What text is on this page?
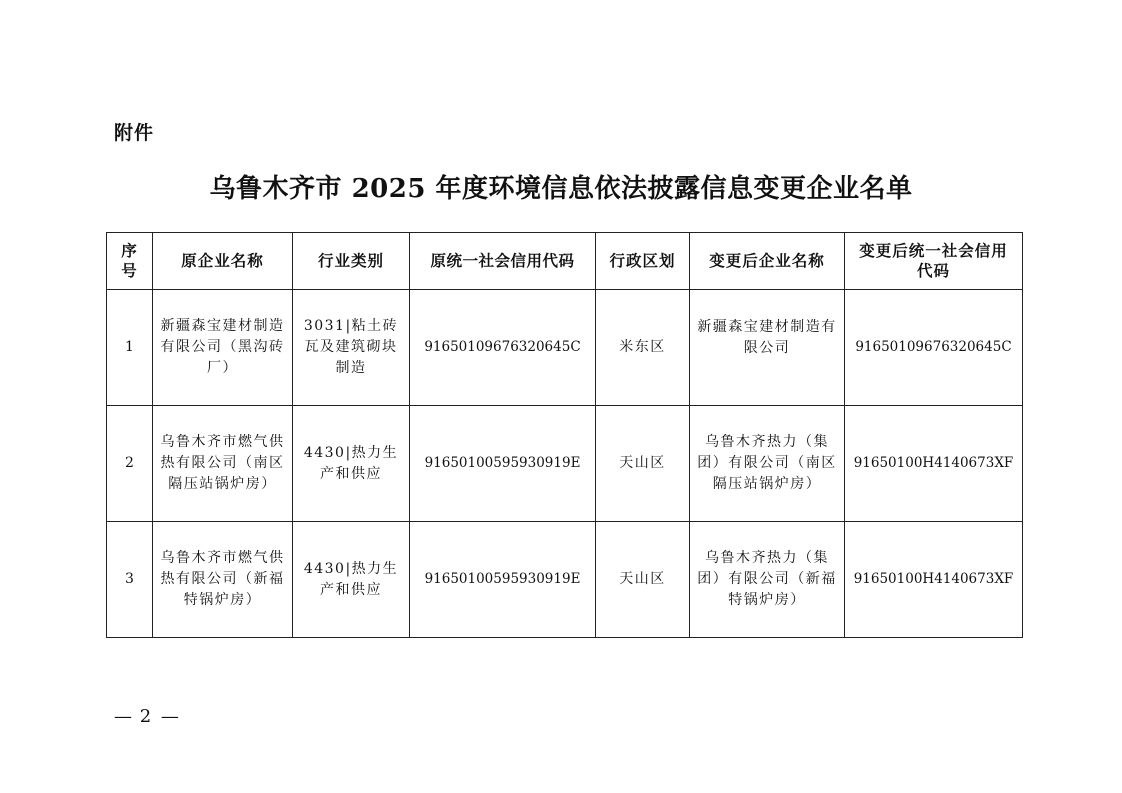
附件
乌鲁木齐市 2025 年度环境信息依法披露信息变更企业名单
序号	原企业名称	行业类别	原统一社会信用代码	行政区划	变更后企业名称	变更后统一社会信用代码
1	新疆森宝建材制造有限公司（黑沟砖厂）	3031|粘土砖瓦及建筑砌块制造	91650109676320645C	米东区	新疆森宝建材制造有限公司	91650109676320645C
2	乌鲁木齐市燃气供热有限公司（南区隔压站锅炉房）	4430|热力生产和供应	91650100595930919E	天山区	乌鲁木齐热力（集团）有限公司（南区隔压站锅炉房）	91650100H4140673XF
3	乌鲁木齐市燃气供热有限公司（新福特锅炉房）	4430|热力生产和供应	91650100595930919E	天山区	乌鲁木齐热力（集团）有限公司（新福特锅炉房）	91650100H4140673XF
— 2 —
